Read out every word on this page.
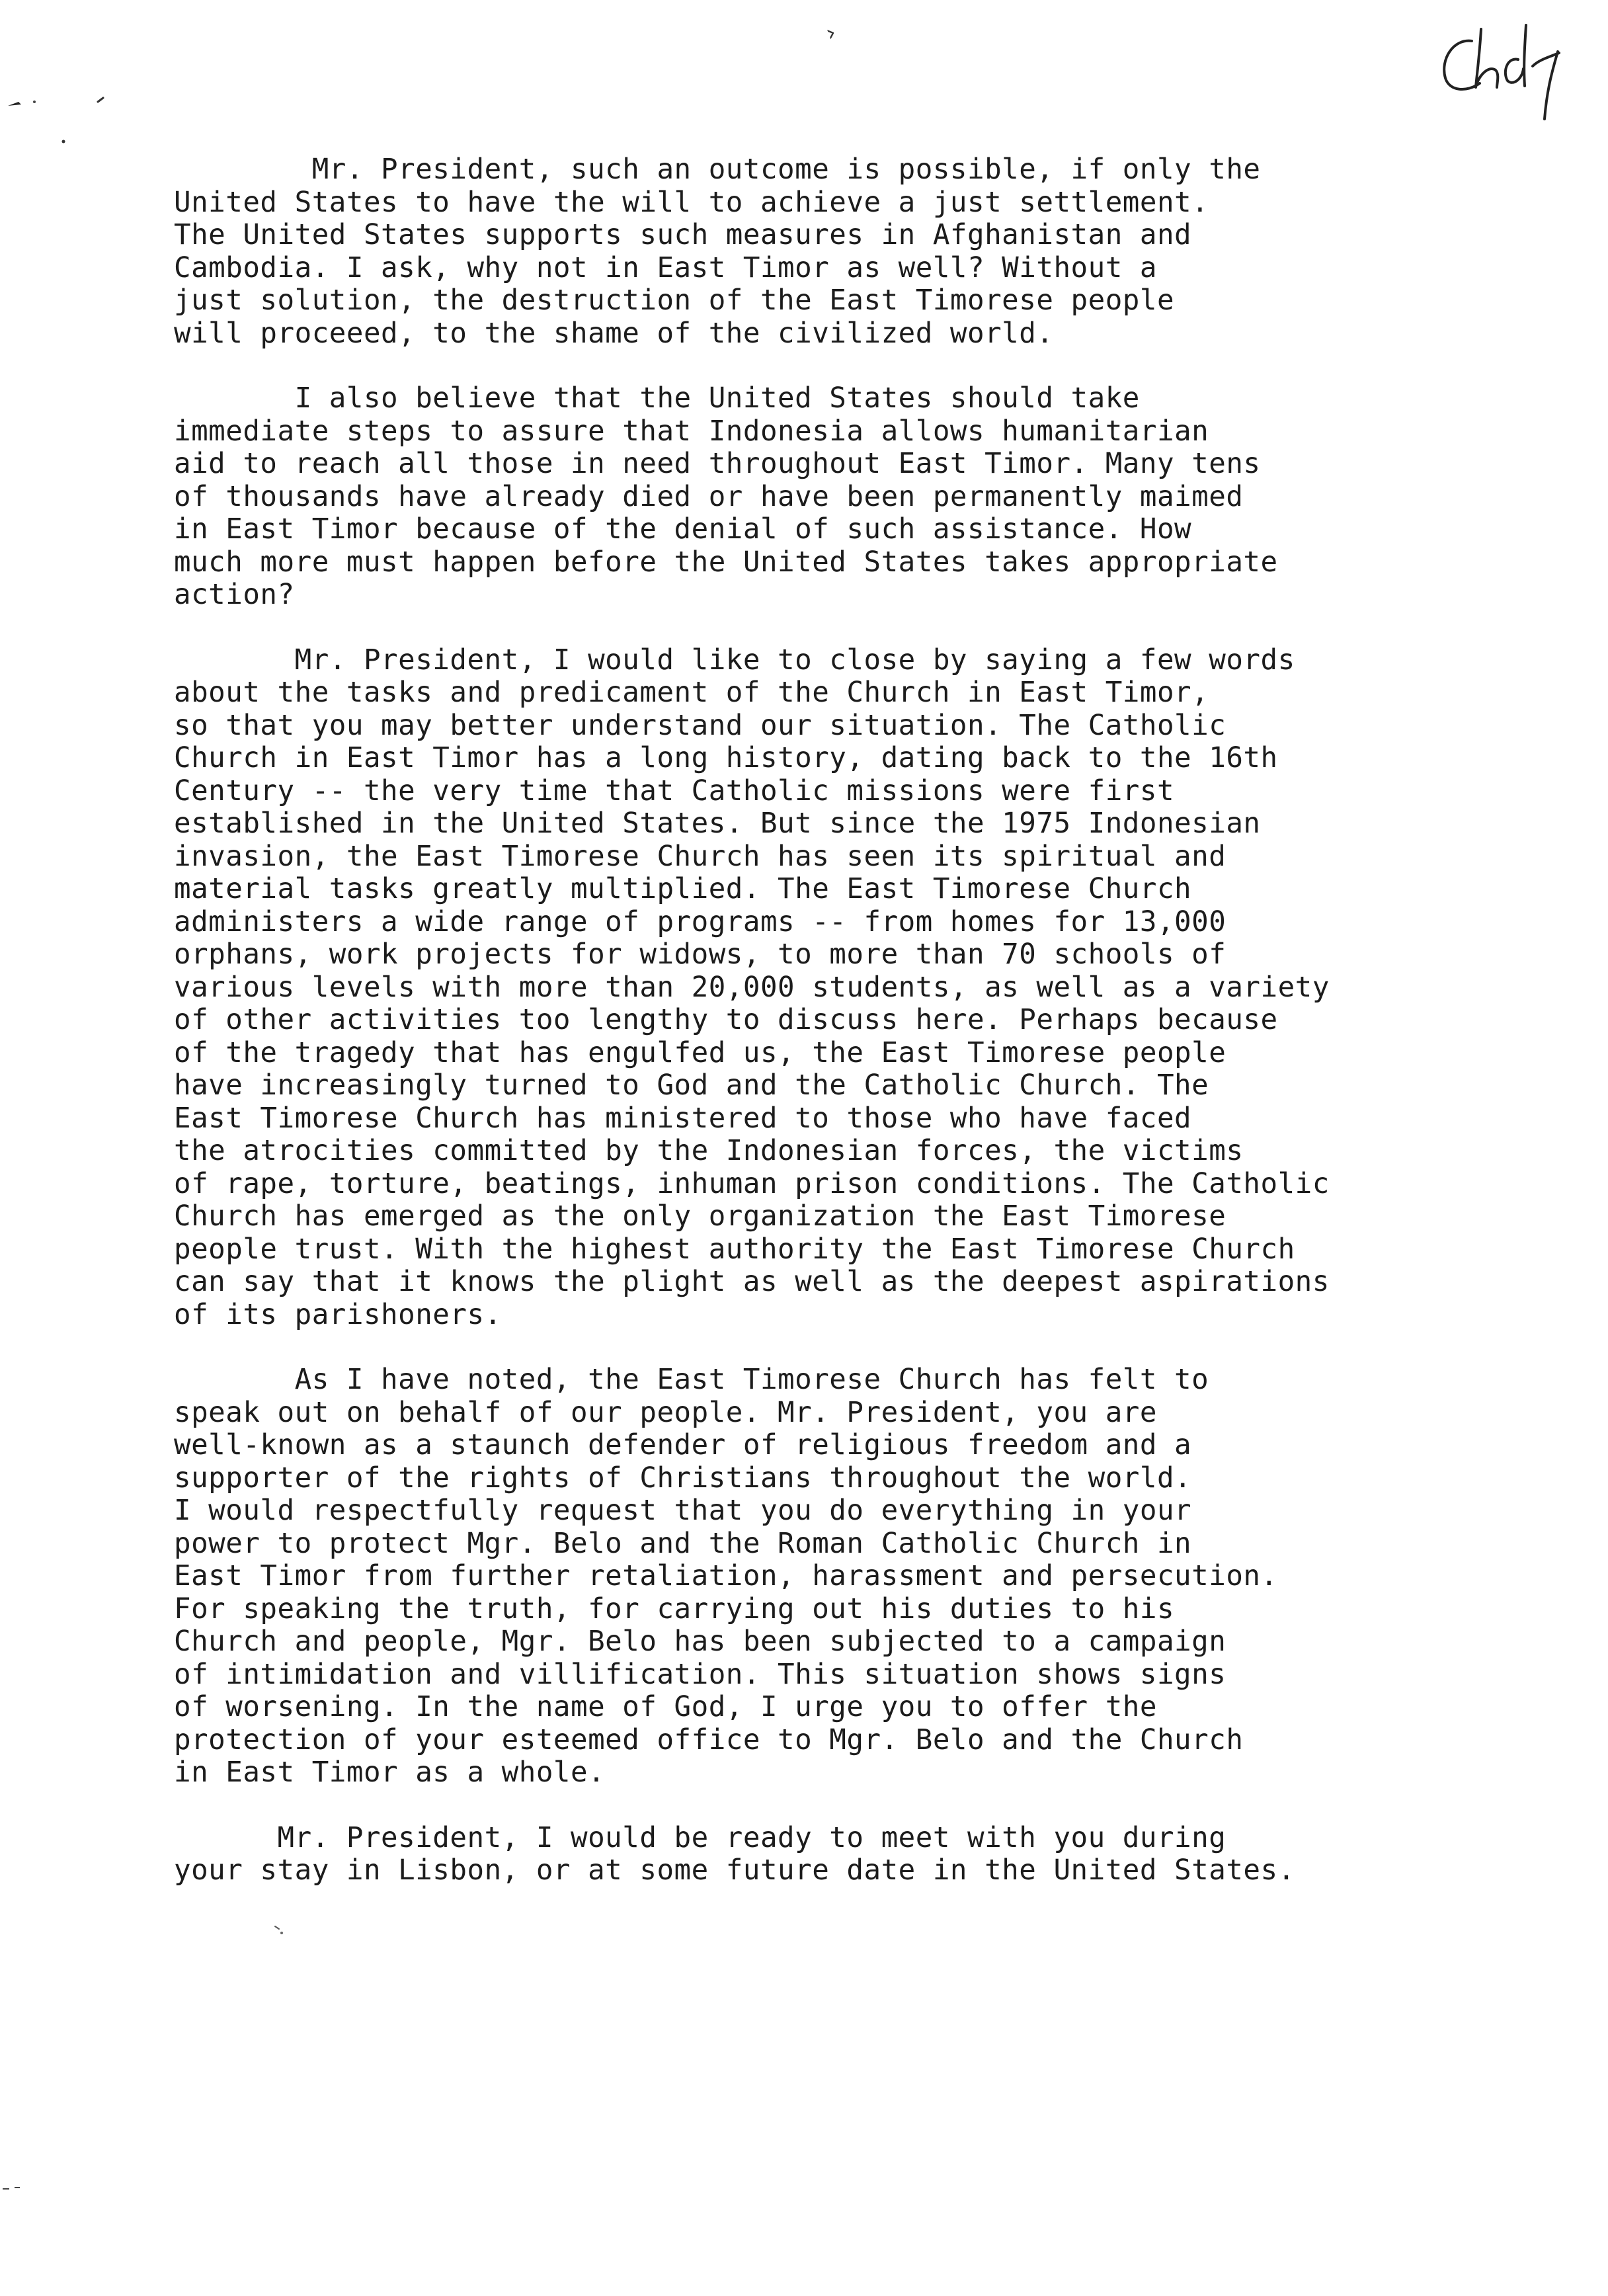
›

Mr. President, such an outcome is possible, if only the
United States to have the will to achieve a just settlement.
The United States supports such measures in Afghanistan and
Cambodia. I ask, why not in East Timor as well? Without a
just solution, the destruction of the East Timorese people
will proceeed, to the shame of the civilized world.

I also believe that the United States should take
immediate steps to assure that Indonesia allows humanitarian
aid to reach all those in need throughout East Timor. Many tens
of thousands have already died or have been permanently maimed
in East Timor because of the denial of such assistance. How
much more must happen before the United States takes appropriate
action?

Mr. President, I would like to close by saying a few words
about the tasks and predicament of the Church in East Timor,
so that you may better understand our situation. The Catholic
Church in East Timor has a long history, dating back to the 16th
Century -- the very time that Catholic missions were first
established in the United States. But since the 1975 Indonesian
invasion, the East Timorese Church has seen its spiritual and
material tasks greatly multiplied. The East Timorese Church
administers a wide range of programs -- from homes for 13,000
orphans, work projects for widows, to more than 70 schools of
various levels with more than 20,000 students, as well as a variety
of other activities too lengthy to discuss here. Perhaps because
of the tragedy that has engulfed us, the East Timorese people
have increasingly turned to God and the Catholic Church. The
East Timorese Church has ministered to those who have faced
the atrocities committed by the Indonesian forces, the victims
of rape, torture, beatings, inhuman prison conditions. The Catholic
Church has emerged as the only organization the East Timorese
people trust. With the highest authority the East Timorese Church
can say that it knows the plight as well as the deepest aspirations
of its parishoners.

As I have noted, the East Timorese Church has felt to
speak out on behalf of our people. Mr. President, you are
well-known as a staunch defender of religious freedom and a
supporter of the rights of Christians throughout the world.
I would respectfully request that you do everything in your
power to protect Mgr. Belo and the Roman Catholic Church in
East Timor from further retaliation, harassment and persecution.
For speaking the truth, for carrying out his duties to his
Church and people, Mgr. Belo has been subjected to a campaign
of intimidation and villification. This situation shows signs
of worsening. In the name of God, I urge you to offer the
protection of your esteemed office to Mgr. Belo and the Church
in East Timor as a whole.

Mr. President, I would be ready to meet with you during
your stay in Lisbon, or at some future date in the United States.
